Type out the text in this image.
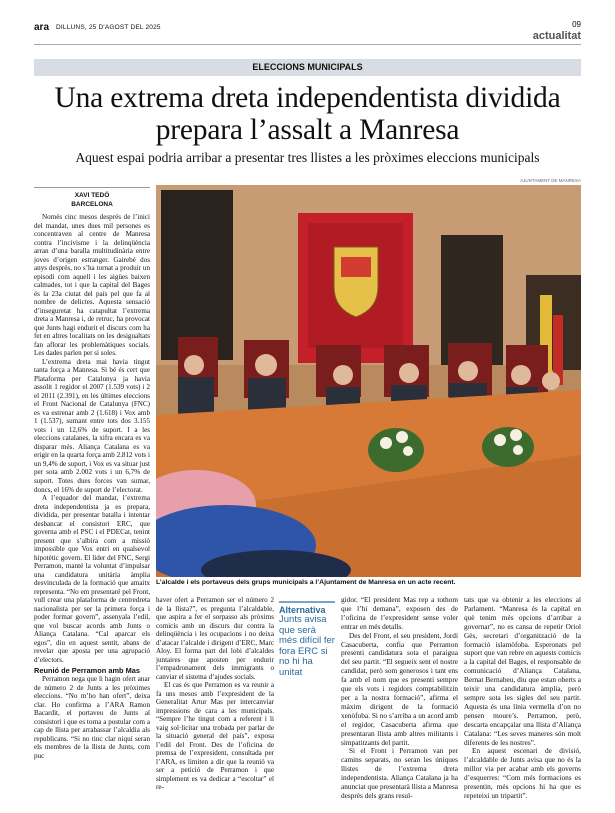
ara DILLUNS, 25 D'AGOST DEL 2025	09
actualitat
ELECCIONS MUNICIPALS
Una extrema dreta independentista dividida prepara l’assalt a Manresa
Aquest espai podria arribar a presentar tres llistes a les pròximes eleccions municipals
AJUNTAMENT DE MANRESA
XAVI TEDÓ
BARCELONA

Només cinc mesos després de l’inici del mandat, unes dues mil persones es concentraven al centre de Manresa contra l’incivisme i la delinqüència arran d’una baralla multitudinària entre joves d’origen estranger. Gairebé dos anys després, no s’ha tornat a produir un episodi com aquell i les aigües baixen calmades, tot i que la capital del Bages és la 23a ciutat del país pel que fa al nombre de delictes. Aquesta sensació d’inseguretat ha catapultat l’extrema dreta a Manresa i, de retruc, ha provocat que Junts hagi endurit el discurs com ha fet en altres localitats on les desigualtats fan aflorar les problemàtiques socials. Les dades parlen per si soles.

L’extrema dreta mai havia tingut tanta força a Manresa. Si bé és cert que Plataforma per Catalunya ja havia assolit 1 regidor el 2007 (1.539 vots) i 2 el 2011 (2.391), en les últimes eleccions el Front Nacional de Catalunya (FNC) es va estrenar amb 2 (1.618) i Vox amb 1 (1.537), sumant entre tots dos 3.155 vots i un 12,6% de suport. I a les eleccions catalanes, la xifra encara es va disparar més. Aliança Catalana es va erigir en la quarta força amb 2.812 vots i un 9,4% de suport, i Vox es va situar just per sota amb 2.002 vots i un 6,7% de suport. Totes dues forces van sumar, doncs, el 16% de suport de l’electorat.

A l’equador del mandat, l’extrema dreta independentista ja es prepara, dividida, per presentar batalla i intentar desbancar el consistori ERC, que governa amb el PSC i el PDECat, tenint present que s’albira com a missió impossible que Vox entri en qualsevol hipotètic govern. El líder del FNC, Sergi Perramon, manté la voluntat d’impulsar una candidatura unitària àmplia desvinculada de la formació que amaitx representa. “No em presentaré pel Front, vull crear una plataforma de centredreta nacionalista per ser la primera força i poder formar govern”, assenyala l’edil, que vol buscar acords amb Junts o Aliança Catalana. “Cal aparcar els egos”, diu en aquest sentit, abans de revelar que aposta per una agrupació d’electors.

Reunió de Perramon amb Mas

Perramon nega que li hagin ofert anar de número 2 de Junts a les pròximes eleccions. “No m’ho han ofert”, deixa clar. Ho confirma a l’ARA Ramon Bacardit, el portaveu de Junts al consistori i que es torna a postular com a cap de llista per arrabassar l’alcaldia als republicans. “Si no tinc clar niquí seran els membres de la llista de Junts, com puc

L’alcalde i els portaveus dels grups municipals a l’Ajuntament de Manresa en un acte recent.

haver ofert a Perramon ser el número 2 de la llista?”, es pregunta l’alcaldable, que aspira a fer el sorpasso als pròxims comicis amb un discurs dur contra la delinqüència i les ocupacions i no deixa d’atacar l’alcalde i dirigent d’ERC, Marc Aloy. El forma part del lobi d’alcaldes juntaires que aposten per endurir l’empadronament dels immigrants o canviar el sistema d’ajudes socials.

El cas és que Perramon es va reunir a fa uns mesos amb l’expresident de la Generalitat Artur Mas per intercanviar impressions de cara a les municipals. “Sempre l’he tingut com a referent i li vaig sol·licitar una trobada per parlar de la situació general del país”, exposa l’edil del Front. Des de l’oficina de premsa de l’expresident, consultada per l’ARA, es limiten a dir que la reunió va ser a petició de Perramon i que simplement es va dedicar a “escoltar” el re-

Alternativa
Junts avisa que serà més difícil fer fora ERC si no hi ha unitat

gidor. “El president Mas rep a tothom que l’hi demana”, exposen des de l’oficina de l’expresident sense voler entrar en més detalls.

Des del Front, el seu president, Jordi Casacuberta, confia que Perramon presenti candidatura sota el paraigua del seu partit. “El segueix sent el nostre candidat, però som generosos i tant ens fa amb el nom que es presenti sempre que els vots i regidors comptabilitzin per a la nostra formació”, afirma el màxim dirigent de la formació xenòfoba. Si no s’arriba a un acord amb el regidor, Casacuberta afirma que presentaran llista amb altres militants i simpatitzants del partit.

Si el Front i Perramon van per camins separats, no seran les úniques llistes de l’extrema dreta independentista. Aliança Catalana ja ha anunciat que presentarà llista a Manresa després dels grans resul-

tats que va obtenir a les eleccions al Parlament. “Manresa és la capital en què tenim més opcions d’arribar a governar”, no es cansa de repetir Oriol Gès, secretari d’organització de la formació islamòfoba. Esperonats pel suport que van rebre en aquests comicis a la capital del Bages, el responsable de comunicació d’Aliança Catalana, Bernat Bernabeu, diu que estan oberts a teixir una candidatura àmplia, però sempre sota les sigles del seu partit. Aquesta és una línia vermella d’on no pensen moure’s. Perramon, però, descarta encapçalar una llista d’Aliança Catalana: “Les seves maneres són molt diferents de les nostres”.

En aquest escenari de divisió, l’alcaldable de Junts avisa que no és la millor via per acabar amb els governs d’esquerres: “Com més formacions es presentin, més opcions hi ha que es repeteixi un tripartit”.
